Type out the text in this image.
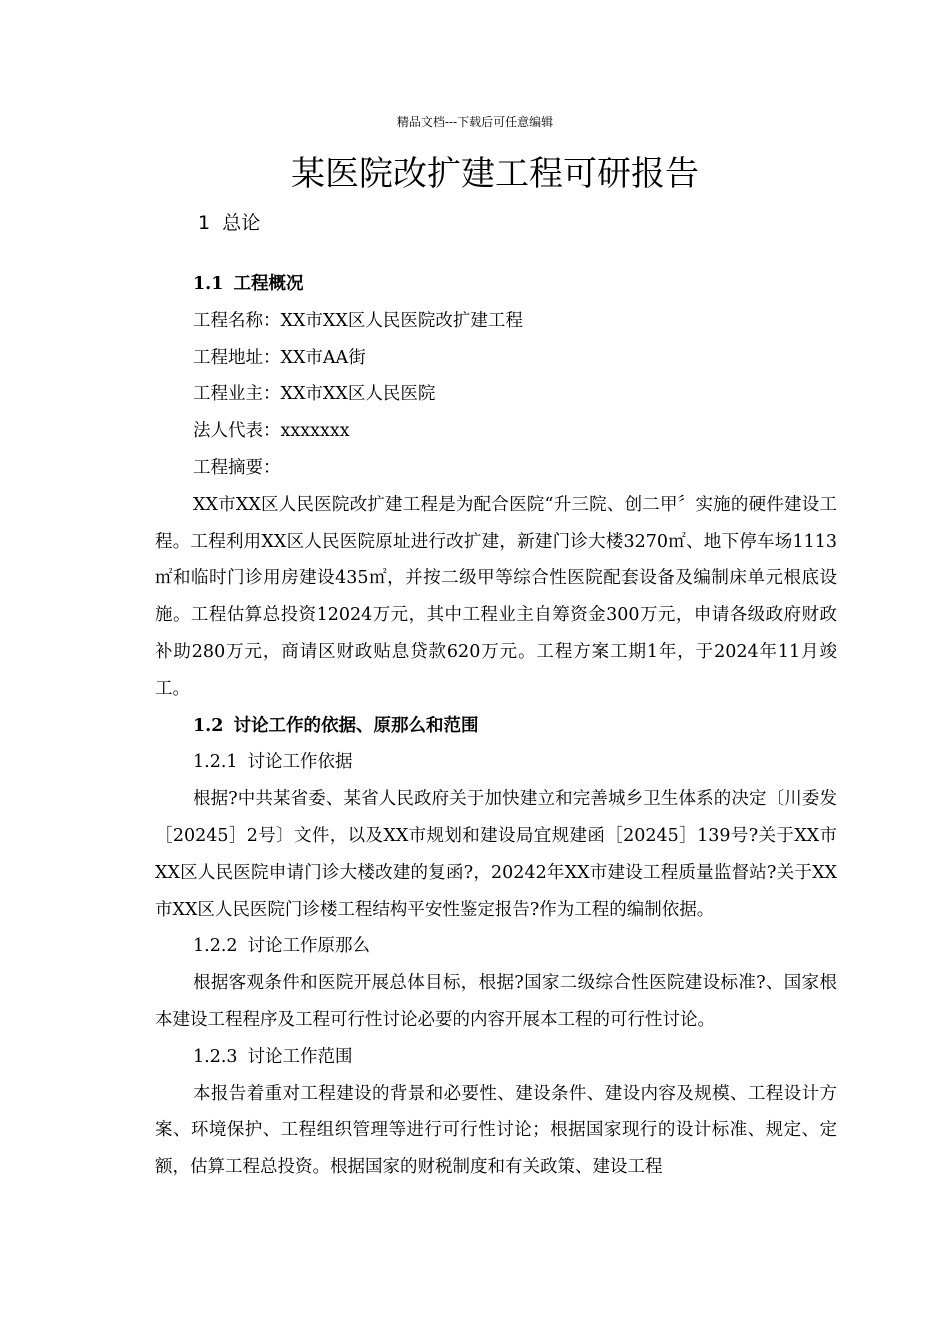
精品文档---下载后可任意编辑
某医院改扩建工程可研报告
1 总论

1.1 工程概况

工程名称：XX市XX区人民医院改扩建工程

工程地址：XX市AA街

工程业主：XX市XX区人民医院

法人代表：xxxxxxx

工程摘要：

XX市XX区人民医院改扩建工程是为配合医院“升三院、创二甲〞实施的硬件建设工程。工程利用XX区人民医院原址进行改扩建，新建门诊大楼3270㎡、地下停车场1113㎡和临时门诊用房建设435㎡，并按二级甲等综合性医院配套设备及编制床单元根底设施。工程估算总投资12024万元，其中工程业主自筹资金300万元，申请各级政府财政补助280万元，商请区财政贴息贷款620万元。工程方案工期1年，于2024年11月竣工。

1.2 讨论工作的依据、原那么和范围

1.2.1 讨论工作依据

根据?中共某省委、某省人民政府关于加快建立和完善城乡卫生体系的决定〔川委发［20245］2号〕文件，以及XX市规划和建设局宜规建函［20245］139号?关于XX市XX区人民医院申请门诊大楼改建的复函?，20242年XX市建设工程质量监督站?关于XX市XX区人民医院门诊楼工程结构平安性鉴定报告?作为工程的编制依据。

1.2.2 讨论工作原那么

根据客观条件和医院开展总体目标，根据?国家二级综合性医院建设标准?、国家根本建设工程程序及工程可行性讨论必要的内容开展本工程的可行性讨论。

1.2.3 讨论工作范围

本报告着重对工程建设的背景和必要性、建设条件、建设内容及规模、工程设计方案、环境保护、工程组织管理等进行可行性讨论；根据国家现行的设计标准、规定、定额，估算工程总投资。根据国家的财税制度和有关政策、建设工程
